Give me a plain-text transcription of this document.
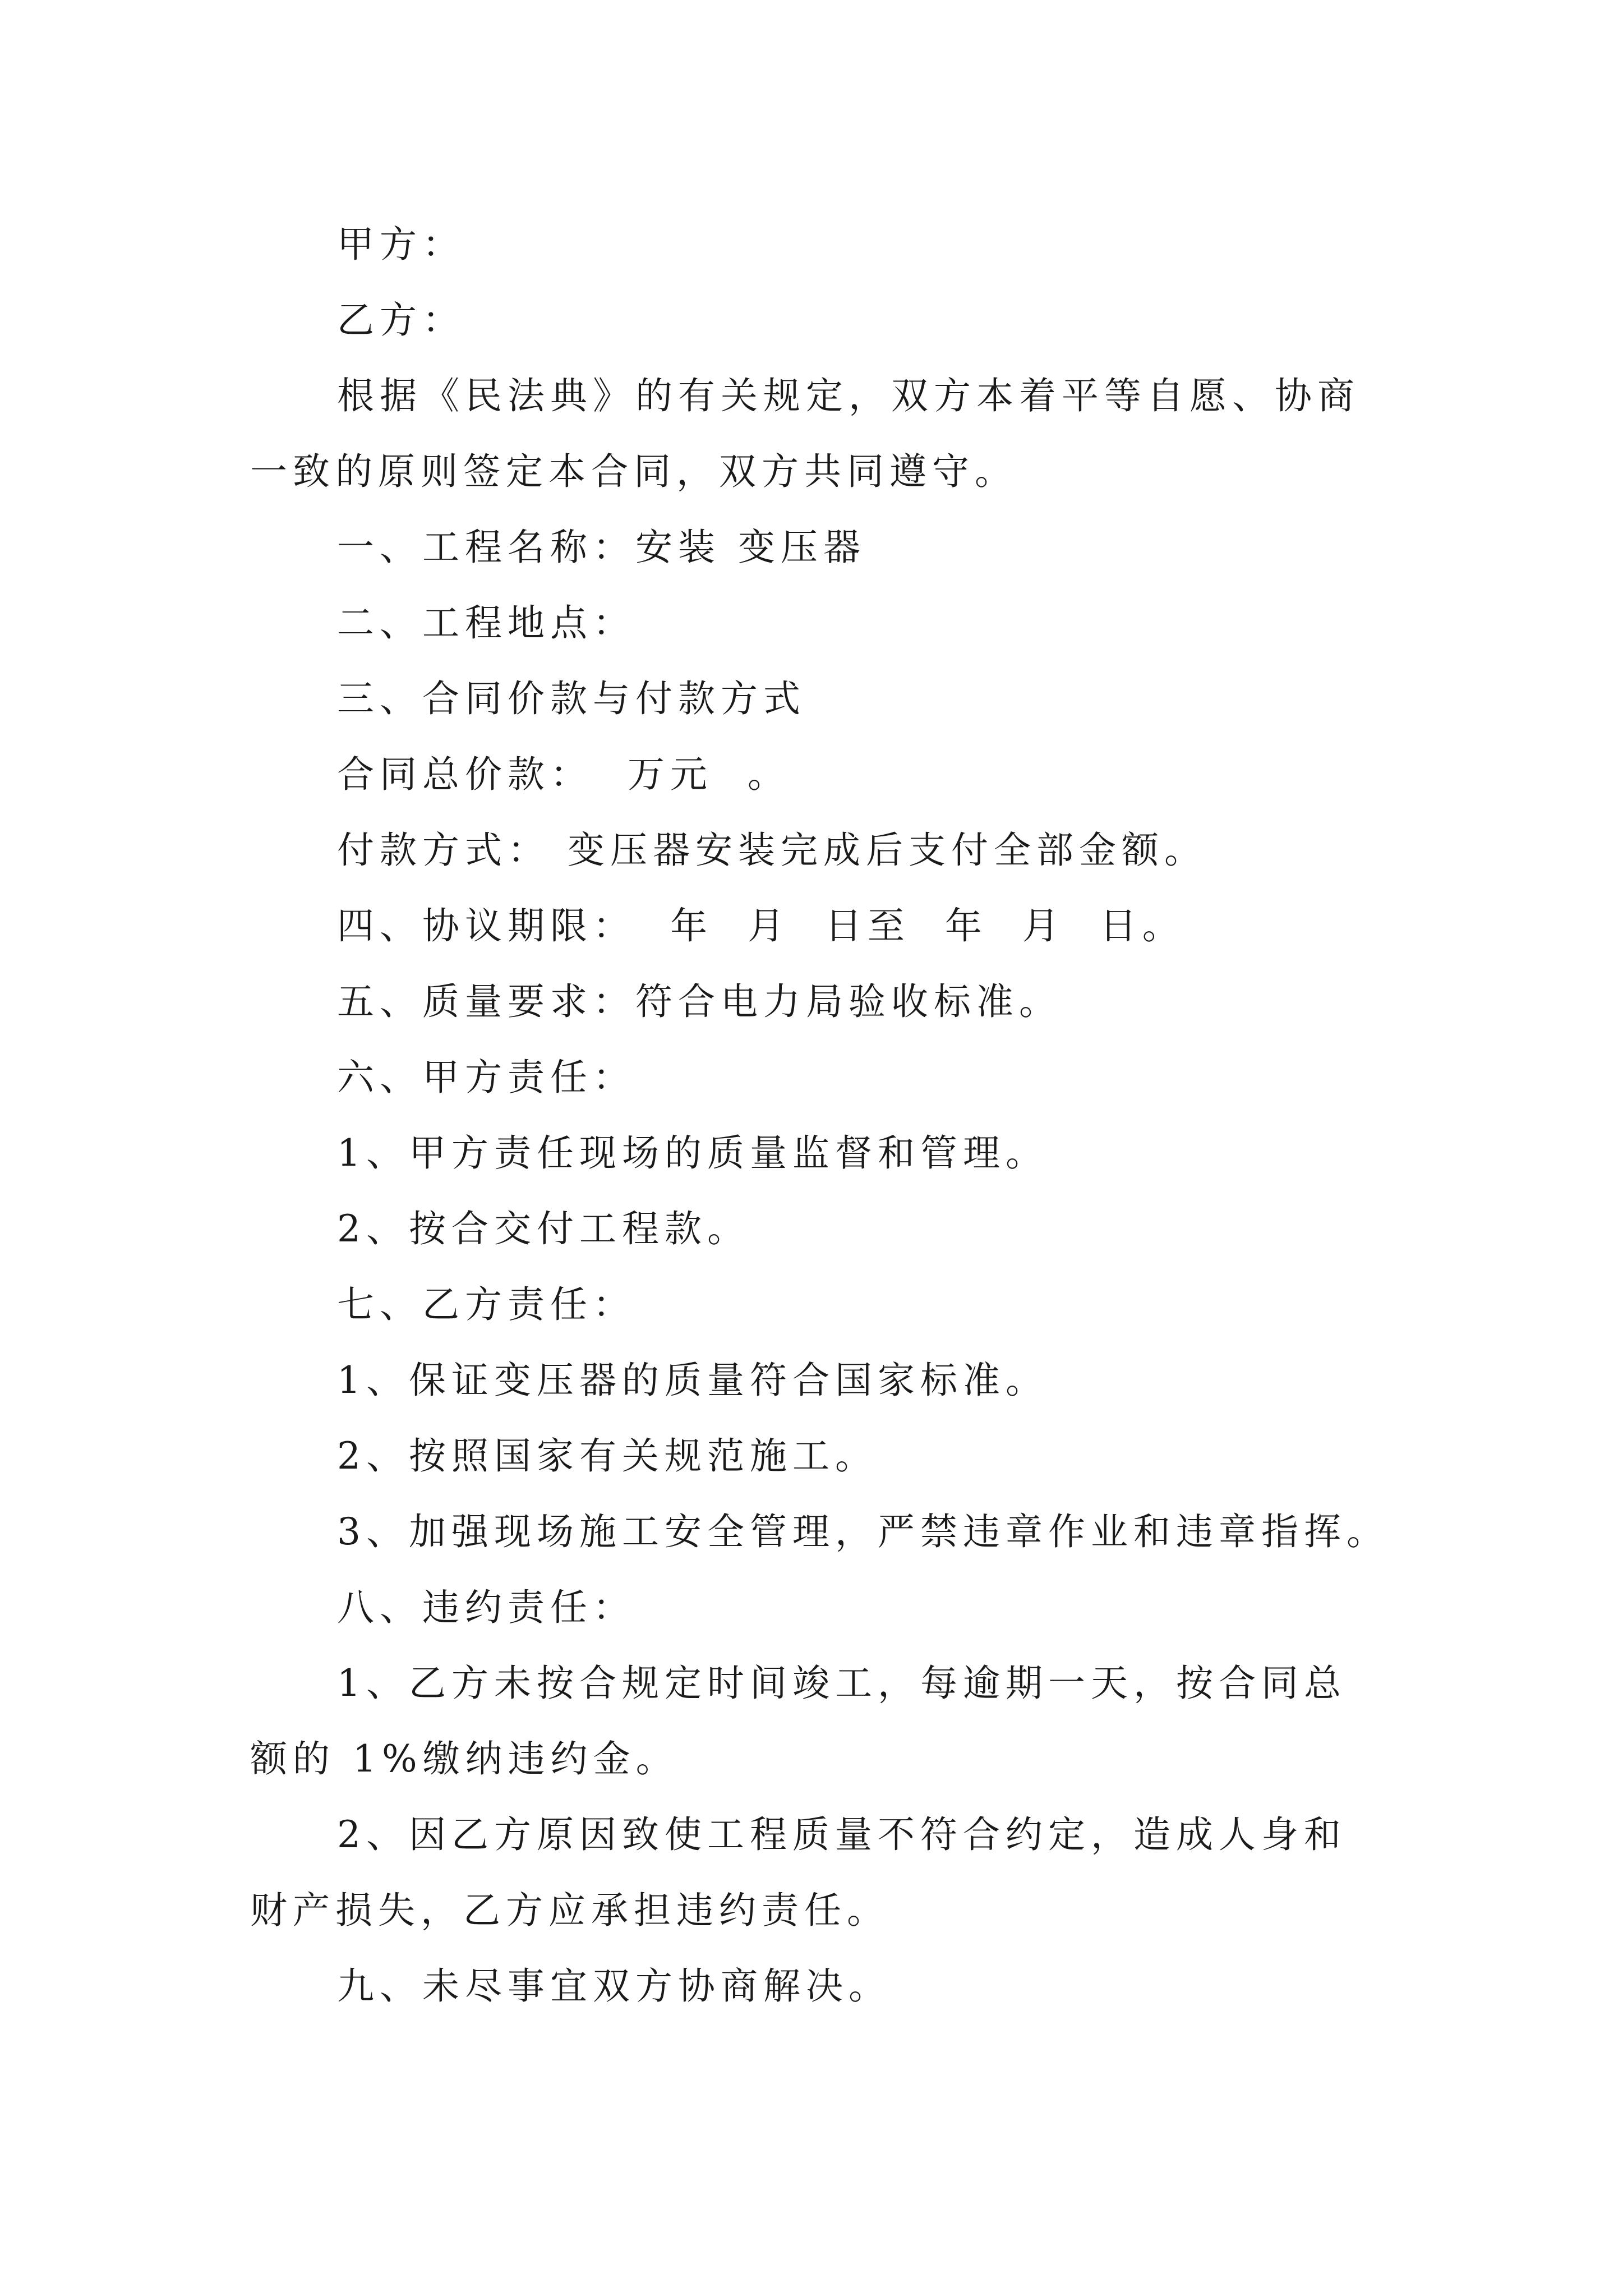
甲方：
乙方：
根据《民法典》的有关规定，双方本着平等自愿、协商
一致的原则签定本合同，双方共同遵守。
一、工程名称：安装 变压器
二、工程地点：
三、合同价款与付款方式
合同总价款：  万元  。
付款方式： 变压器安装完成后支付全部金额。
四、协议期限：  年  月  日至  年  月  日。
五、质量要求：符合电力局验收标准。
六、甲方责任：
1、甲方责任现场的质量监督和管理。
2、按合交付工程款。
七、乙方责任：
1、保证变压器的质量符合国家标准。
2、按照国家有关规范施工。
3、加强现场施工安全管理，严禁违章作业和违章指挥。
八、违约责任：
1、乙方未按合规定时间竣工，每逾期一天，按合同总
额的 1%缴纳违约金。
2、因乙方原因致使工程质量不符合约定，造成人身和
财产损失，乙方应承担违约责任。
九、未尽事宜双方协商解决。
